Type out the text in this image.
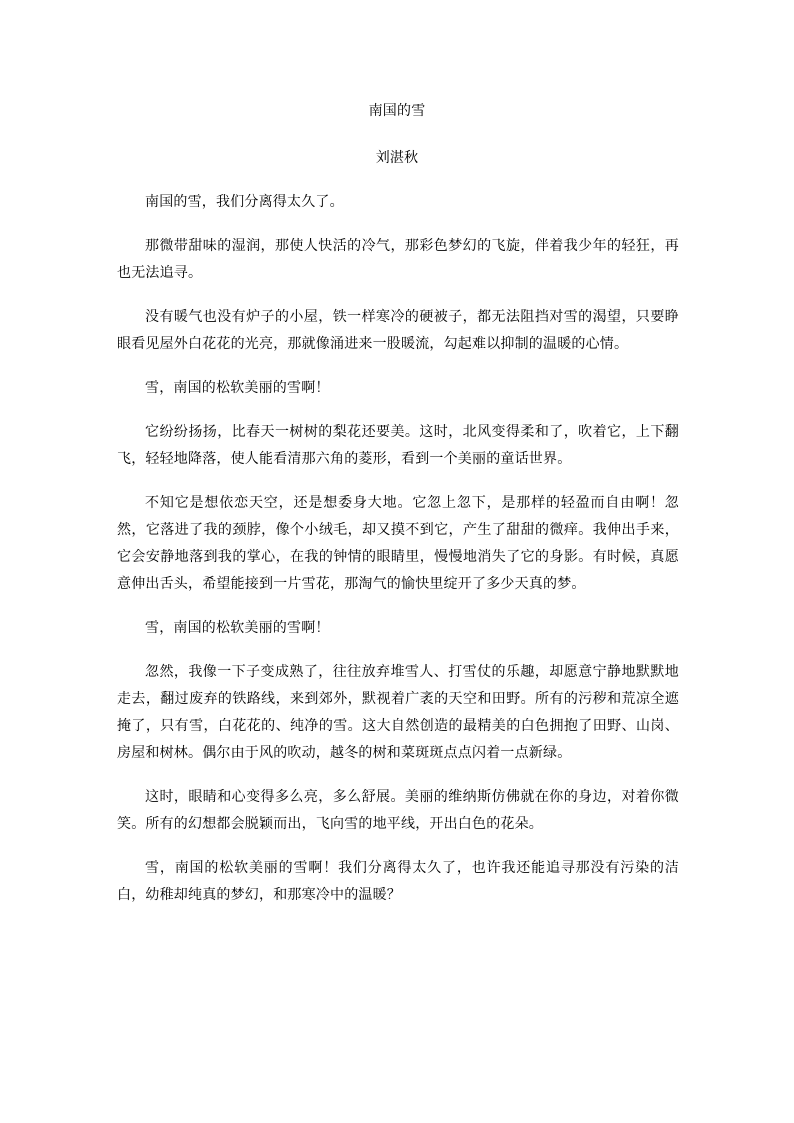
南国的雪
刘湛秋

南国的雪，我们分离得太久了。

那微带甜味的湿润，那使人快活的冷气，那彩色梦幻的飞旋，伴着我少年的轻狂，再也无法追寻。

没有暖气也没有炉子的小屋，铁一样寒冷的硬被子，都无法阻挡对雪的渴望，只要睁眼看见屋外白花花的光亮，那就像涌进来一股暖流，勾起难以抑制的温暖的心情。

雪，南国的松软美丽的雪啊！

它纷纷扬扬，比春天一树树的梨花还要美。这时，北风变得柔和了，吹着它，上下翻飞，轻轻地降落，使人能看清那六角的菱形，看到一个美丽的童话世界。

不知它是想依恋天空，还是想委身大地。它忽上忽下，是那样的轻盈而自由啊！忽然，它落进了我的颈脖，像个小绒毛，却又摸不到它，产生了甜甜的微痒。我伸出手来，它会安静地落到我的掌心，在我的钟情的眼睛里，慢慢地消失了它的身影。有时候，真愿意伸出舌头，希望能接到一片雪花，那淘气的愉快里绽开了多少天真的梦。

雪，南国的松软美丽的雪啊！

忽然，我像一下子变成熟了，往往放弃堆雪人、打雪仗的乐趣，却愿意宁静地默默地走去，翻过废弃的铁路线，来到郊外，默视着广袤的天空和田野。所有的污秽和荒凉全遮掩了，只有雪，白花花的、纯净的雪。这大自然创造的最精美的白色拥抱了田野、山岗、房屋和树林。偶尔由于风的吹动，越冬的树和菜斑斑点点闪着一点新绿。

这时，眼睛和心变得多么亮，多么舒展。美丽的维纳斯仿佛就在你的身边，对着你微笑。所有的幻想都会脱颖而出，飞向雪的地平线，开出白色的花朵。

雪，南国的松软美丽的雪啊！我们分离得太久了，也许我还能追寻那没有污染的洁白，幼稚却纯真的梦幻，和那寒冷中的温暖？
